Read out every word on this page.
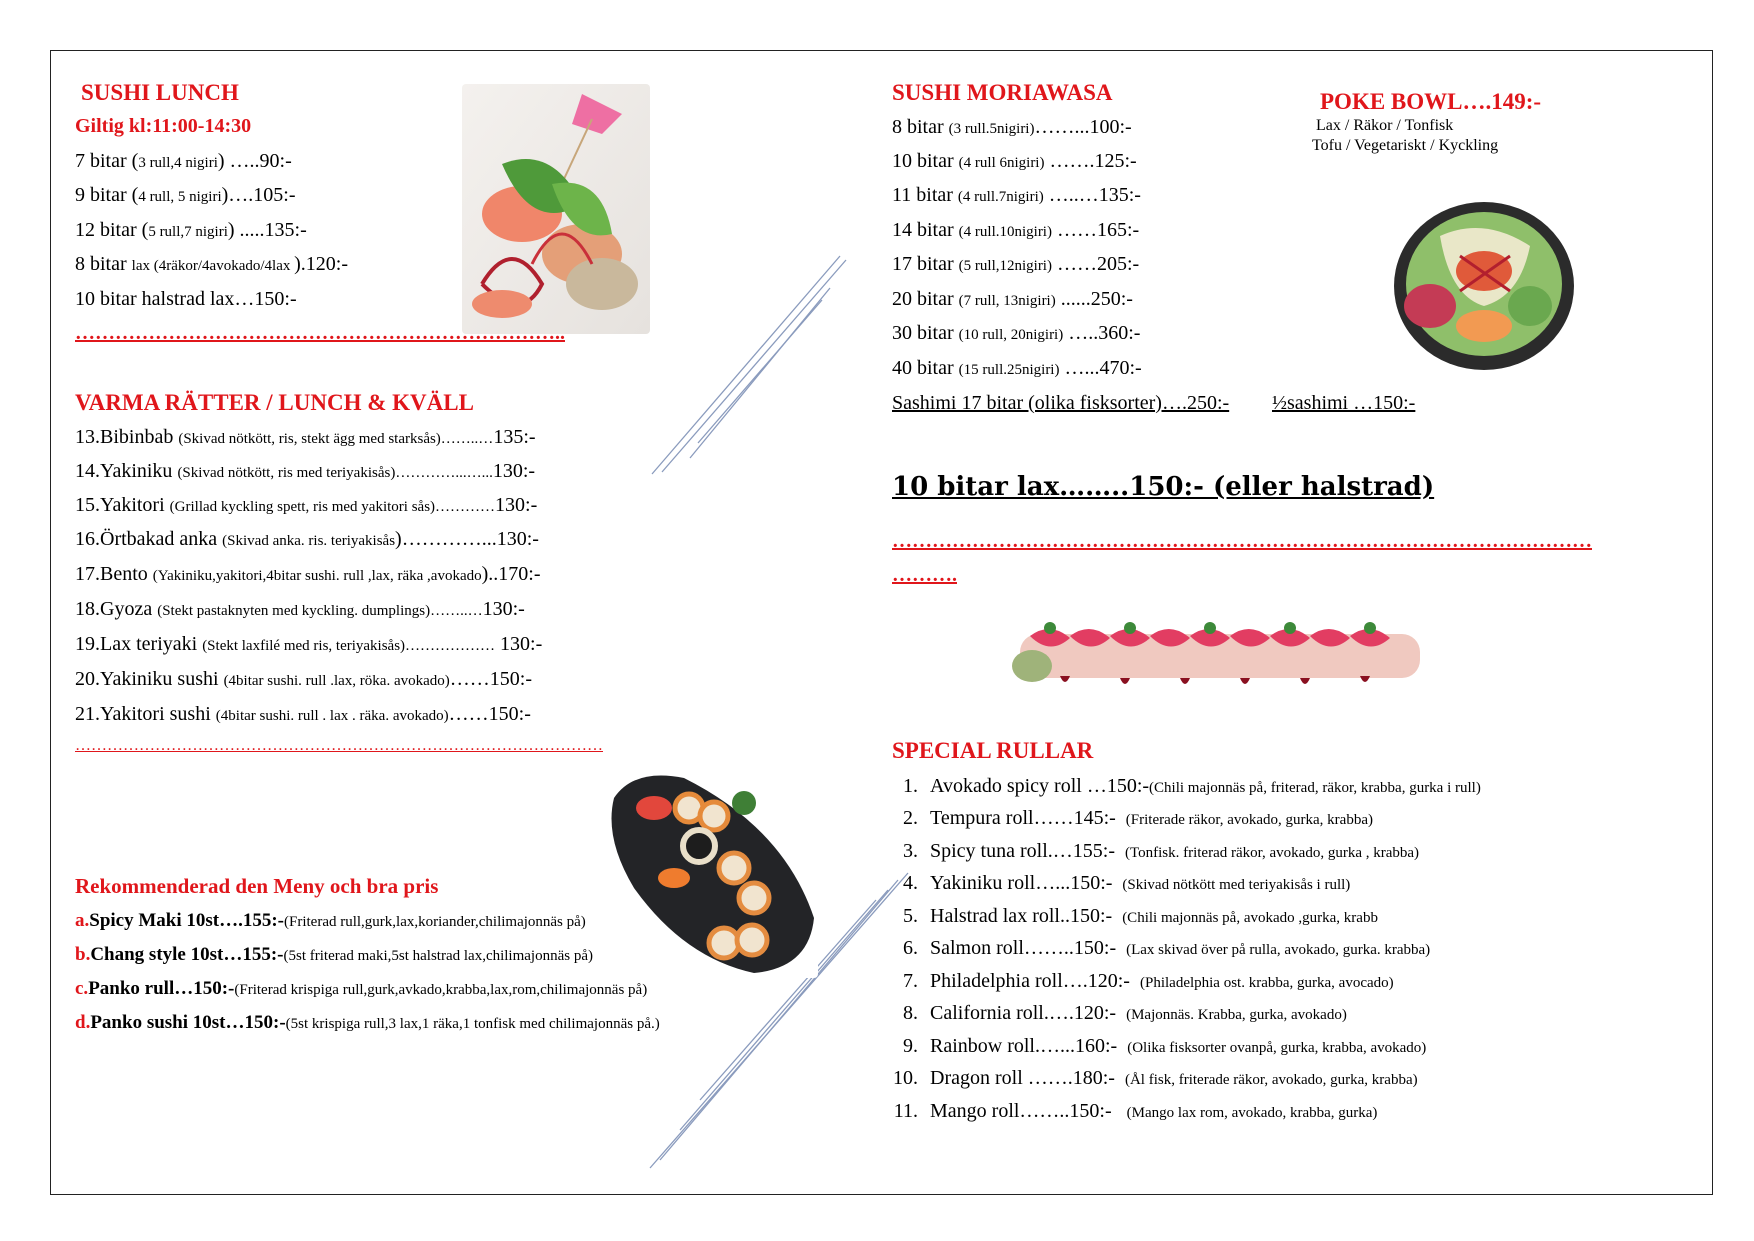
SUSHI LUNCH
Giltig kl:11:00-14:30
7 bitar (3 rull,4 nigiri) …..90:-
9 bitar (4 rull, 5 nigiri)….105:-
12 bitar (5 rull,7 nigiri) .....135:-
8 bitar lax (4räkor/4avokado/4lax ).120:-
10 bitar halstrad lax…150:-
………………………………………………………………..
VARMA RÄTTER / LUNCH & KVÄLL
13.Bibinbab (Skivad nötkött, ris, stekt ägg med starksås)……..…135:-
14.Yakiniku (Skivad nötkött, ris med teriyakisås)…………...…...130:-
15.Yakitori (Grillad kyckling spett, ris med yakitori sås)…………130:-
16.Örtbakad anka (Skivad anka. ris. teriyakisås)…………...130:-
17.Bento (Yakiniku,yakitori,4bitar sushi. rull ,lax, räka ,avokado)..170:-
18.Gyoza (Stekt pastaknyten med kyckling. dumplings)……..…130:-
19.Lax teriyaki (Stekt laxfilé med ris, teriyakisås)……………… 130:-
20.Yakiniku sushi (4bitar sushi. rull .lax, röka. avokado)……150:-
21.Yakitori sushi (4bitar sushi. rull . lax . räka. avokado)……150:-
………………………………………………………………………………………
Rekommenderad den Meny och bra pris
a.Spicy Maki 10st….155:-(Friterad rull,gurk,lax,koriander,chilimajonnäs på)
b.Chang style 10st…155:-(5st friterad maki,5st halstrad lax,chilimajonnäs på)
c.Panko rull…150:-(Friterad krispiga rull,gurk,avkado,krabba,lax,rom,chilimajonnäs på)
d.Panko sushi 10st…150:-(5st krispiga rull,3 lax,1 räka,1 tonfisk med chilimajonnäs på.)
SUSHI MORIAWASA
8 bitar (3 rull.5nigiri)……...100:-
10 bitar (4 rull 6nigiri) …….125:-
11 bitar (4 rull.7nigiri) …..…135:-
14 bitar (4 rull.10nigiri) ……165:-
17 bitar (5 rull,12nigiri) ……205:-
20 bitar (7 rull, 13nigiri) ......250:-
30 bitar (10 rull, 20nigiri) …..360:-
40 bitar (15 rull.25nigiri) …...470:-
Sashimi 17 bitar (olika fisksorter)….250:- ½sashimi …150:-
POKE BOWL….149:-
Lax / Räkor / Tonfisk
Tofu / Vegetariskt / Kyckling
10 bitar lax……..150:- (eller halstrad)
……………………………………………………………………………………………
……….
SPECIAL RULLAR
1. Avokado spicy roll …150:-(Chili majonnäs på, friterad, räkor, krabba, gurka i rull)
2. Tempura roll……145:- (Friterade räkor, avokado, gurka, krabba)
3. Spicy tuna roll.…155:- (Tonfisk. friterad räkor, avokado, gurka , krabba)
4. Yakiniku roll…...150:- (Skivad nötkött med teriyakisås i rull)
5. Halstrad lax roll..150:- (Chili majonnäs på, avokado ,gurka, krabb
6. Salmon roll……..150:- (Lax skivad över på rulla, avokado, gurka. krabba)
7. Philadelphia roll….120:- (Philadelphia ost. krabba, gurka, avocado)
8. California roll.….120:- (Majonnäs. Krabba, gurka, avokado)
9. Rainbow roll.…...160:- (Olika fisksorter ovanpå, gurka, krabba, avokado)
10. Dragon roll …….180:- (Ål fisk, friterade räkor, avokado, gurka, krabba)
11. Mango roll……..150:- (Mango lax rom, avokado, krabba, gurka)
